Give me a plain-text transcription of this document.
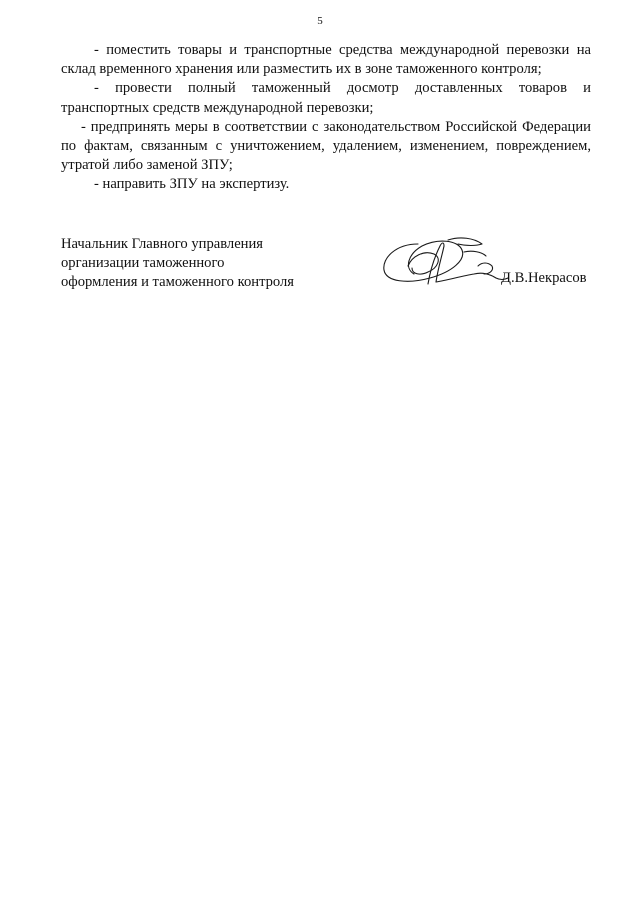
5

- поместить товары и транспортные средства международной перевозки на склад временного хранения или разместить их в зоне таможенного контроля;

- провести полный таможенный досмотр доставленных товаров и транспортных средств международной перевозки;

- предпринять меры в соответствии с законодательством Российской Федерации по фактам, связанным с уничтожением, удалением, изменением, повреждением, утратой либо заменой ЗПУ;

- направить ЗПУ на экспертизу.

Начальник Главного управления
организации таможенного
оформления и таможенного контроля	Д.В.Некрасов
